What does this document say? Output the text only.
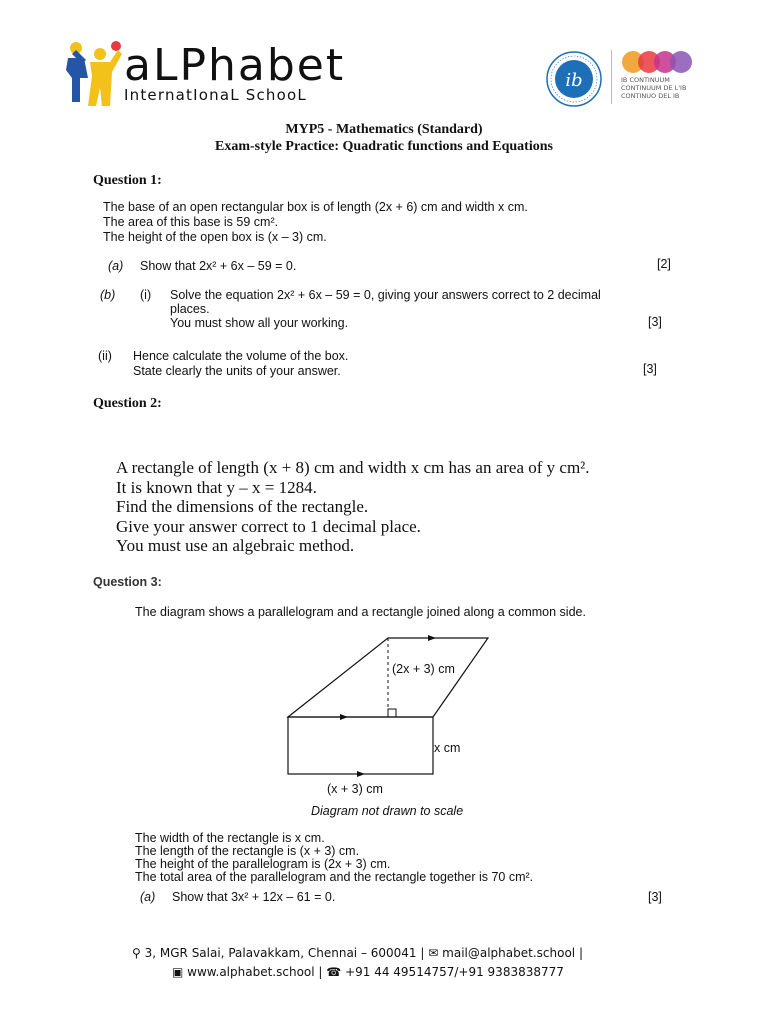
aLPhabet
InternatIonaL SchooL
ib	IB CONTINUUM
CONTINUUM DE L'IB
CONTINUO DEL IB
MYP5 - Mathematics (Standard)
Exam-style Practice: Quadratic functions and Equations
Question 1:
The base of an open rectangular box is of length (2x + 6) cm and width x cm.
The area of this base is 59 cm².
The height of the open box is (x – 3) cm.
(a) Show that 2x² + 6x – 59 = 0.	[2]
(b) (i) Solve the equation 2x² + 6x – 59 = 0, giving your answers correct to 2 decimal
places.
You must show all your working.	[3]
(ii) Hence calculate the volume of the box.
State clearly the units of your answer.	[3]
Question 2:
A rectangle of length (x + 8) cm and width x cm has an area of y cm².
It is known that y – x = 1284.
Find the dimensions of the rectangle.
Give your answer correct to 1 decimal place.
You must use an algebraic method.
Question 3:
The diagram shows a parallelogram and a rectangle joined along a common side.
(2x + 3) cm
x cm
(x + 3) cm
Diagram not drawn to scale
The width of the rectangle is x cm.
The length of the rectangle is (x + 3) cm.
The height of the parallelogram is (2x + 3) cm.
The total area of the parallelogram and the rectangle together is 70 cm².
(a) Show that 3x² + 12x – 61 = 0.	[3]
⚲ 3, MGR Salai, Palavakkam, Chennai – 600041 | ✉ mail@alphabet.school |
▣ www.alphabet.school | ☎ +91 44 49514757/+91 9383838777
